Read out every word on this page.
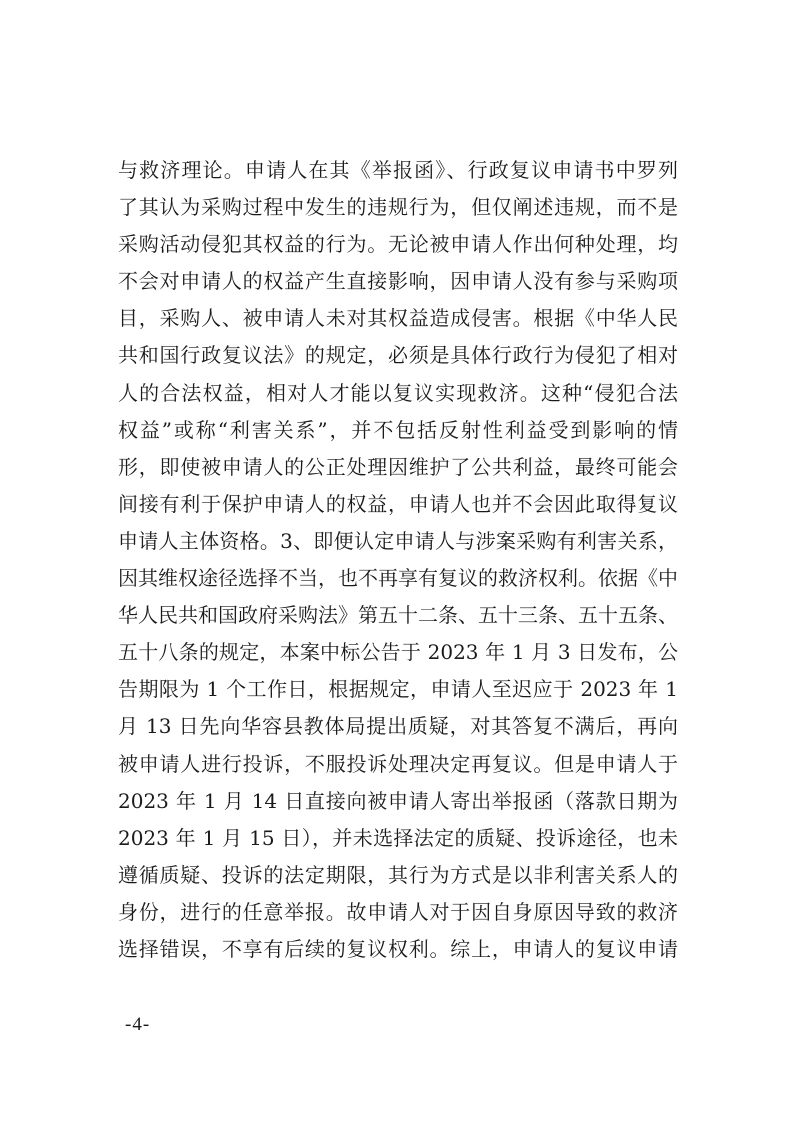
与救济理论。申请人在其《举报函》、行政复议申请书中罗列
了其认为采购过程中发生的违规行为，但仅阐述违规，而不是
采购活动侵犯其权益的行为。无论被申请人作出何种处理，均
不会对申请人的权益产生直接影响，因申请人没有参与采购项
目，采购人、被申请人未对其权益造成侵害。根据《中华人民
共和国行政复议法》的规定，必须是具体行政行为侵犯了相对
人的合法权益，相对人才能以复议实现救济。这种“侵犯合法
权益”或称“利害关系”，并不包括反射性利益受到影响的情
形，即使被申请人的公正处理因维护了公共利益，最终可能会
间接有利于保护申请人的权益，申请人也并不会因此取得复议
申请人主体资格。3、即便认定申请人与涉案采购有利害关系，
因其维权途径选择不当，也不再享有复议的救济权利。依据《中
华人民共和国政府采购法》第五十二条、五十三条、五十五条、
五十八条的规定，本案中标公告于 2023 年 1 月 3 日发布，公
告期限为 1 个工作日，根据规定，申请人至迟应于 2023 年 1
月 13 日先向华容县教体局提出质疑，对其答复不满后，再向
被申请人进行投诉，不服投诉处理决定再复议。但是申请人于
2023 年 1 月 14 日直接向被申请人寄出举报函（落款日期为
2023 年 1 月 15 日），并未选择法定的质疑、投诉途径，也未
遵循质疑、投诉的法定期限，其行为方式是以非利害关系人的
身份，进行的任意举报。故申请人对于因自身原因导致的救济
选择错误，不享有后续的复议权利。综上，申请人的复议申请
-4-
